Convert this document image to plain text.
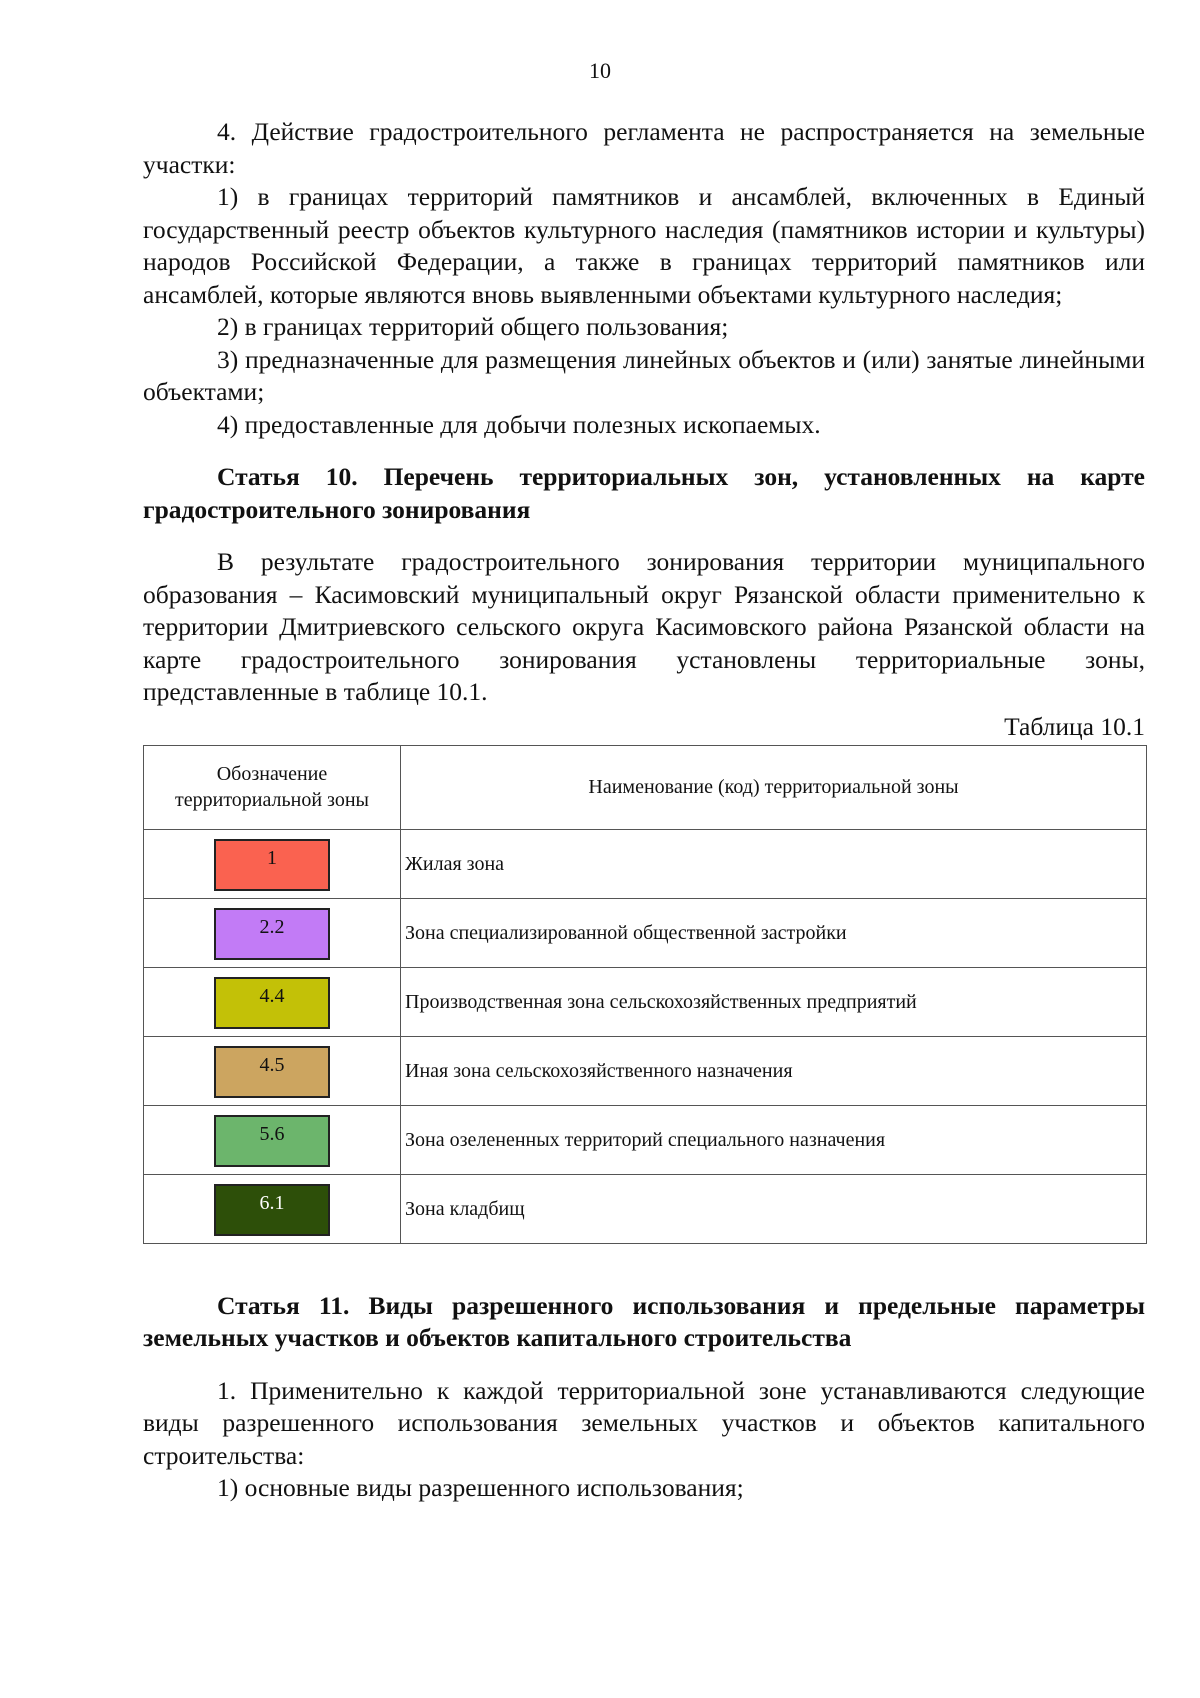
10

4. Действие градостроительного регламента не распространяется на земельные участки:

1) в границах территорий памятников и ансамблей, включенных в Единый государственный реестр объектов культурного наследия (памятников истории и культуры) народов Российской Федерации, а также в границах территорий памятников или ансамблей, которые являются вновь выявленными объектами культурного наследия;

2) в границах территорий общего пользования;

3) предназначенные для размещения линейных объектов и (или) занятые линейными объектами;

4) предоставленные для добычи полезных ископаемых.

Статья 10. Перечень территориальных зон, установленных на карте градостроительного зонирования

В результате градостроительного зонирования территории муниципального образования – Касимовский муниципальный округ Рязанской области применительно к территории Дмитриевского сельского округа Касимовского района Рязанской области на карте градостроительного зонирования установлены территориальные зоны, представленные в таблице 10.1.

Таблица 10.1
Обозначение территориальной зоны	Наименование (код) территориальной зоны
1	Жилая зона
2.2	Зона специализированной общественной застройки
4.4	Производственная зона сельскохозяйственных предприятий
4.5	Иная зона сельскохозяйственного назначения
5.6	Зона озелененных территорий специального назначения
6.1	Зона кладбищ

Статья 11. Виды разрешенного использования и предельные параметры земельных участков и объектов капитального строительства

1. Применительно к каждой территориальной зоне устанавливаются следующие виды разрешенного использования земельных участков и объектов капитального строительства:

1) основные виды разрешенного использования;
